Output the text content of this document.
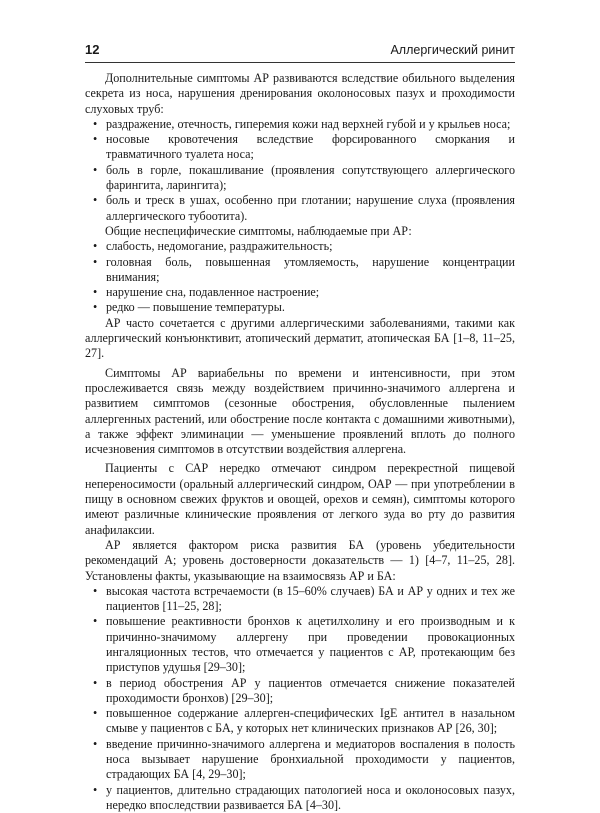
12	Аллергический ринит

Дополнительные симптомы АР развиваются вследствие обильного выделения секрета из носа, нарушения дренирования околоносовых пазух и проходимости слуховых труб:

• раздражение, отечность, гиперемия кожи над верхней губой и у крыльев носа;
• носовые кровотечения вследствие форсированного сморкания и травматичного туалета носа;
• боль в горле, покашливание (проявления сопутствующего аллергического фарингита, ларингита);
• боль и треск в ушах, особенно при глотании; нарушение слуха (проявления аллергического тубоотита).

Общие неспецифические симптомы, наблюдаемые при АР:

• слабость, недомогание, раздражительность;
• головная боль, повышенная утомляемость, нарушение концентрации внимания;
• нарушение сна, подавленное настроение;
• редко — повышение температуры.

АР часто сочетается с другими аллергическими заболеваниями, такими как аллергический конъюнктивит, атопический дерматит, атопическая БА [1–8, 11–25, 27].

Симптомы АР вариабельны по времени и интенсивности, при этом прослеживается связь между воздействием причинно-значимого аллергена и развитием симптомов (сезонные обострения, обусловленные пылением аллергенных растений, или обострение после контакта с домашними животными), а также эффект элиминации — уменьшение проявлений вплоть до полного исчезновения симптомов в отсутствии воздействия аллергена.

Пациенты с САР нередко отмечают синдром перекрестной пищевой непереносимости (оральный аллергический синдром, ОАР — при употреблении в пищу в основном свежих фруктов и овощей, орехов и семян), симптомы которого имеют различные клинические проявления от легкого зуда во рту до развития анафилаксии.

АР является фактором риска развития БА (уровень убедительности рекомендаций А; уровень достоверности доказательств — 1) [4–7, 11–25, 28]. Установлены факты, указывающие на взаимосвязь АР и БА:

• высокая частота встречаемости (в 15–60% случаев) БА и АР у одних и тех же пациентов [11–25, 28];
• повышение реактивности бронхов к ацетилхолину и его производным и к причинно-значимому аллергену при проведении провокационных ингаляционных тестов, что отмечается у пациентов с АР, протекающим без приступов удушья [29–30];
• в период обострения АР у пациентов отмечается снижение показателей проходимости бронхов) [29–30];
• повышенное содержание аллерген-специфических IgE антител в назальном смыве у пациентов с БА, у которых нет клинических признаков АР [26, 30];
• введение причинно-значимого аллергена и медиаторов воспаления в полость носа вызывает нарушение бронхиальной проходимости у пациентов, страдающих БА [4, 29–30];
• у пациентов, длительно страдающих патологией носа и околоносовых пазух, нередко впоследствии развивается БА [4–30].
